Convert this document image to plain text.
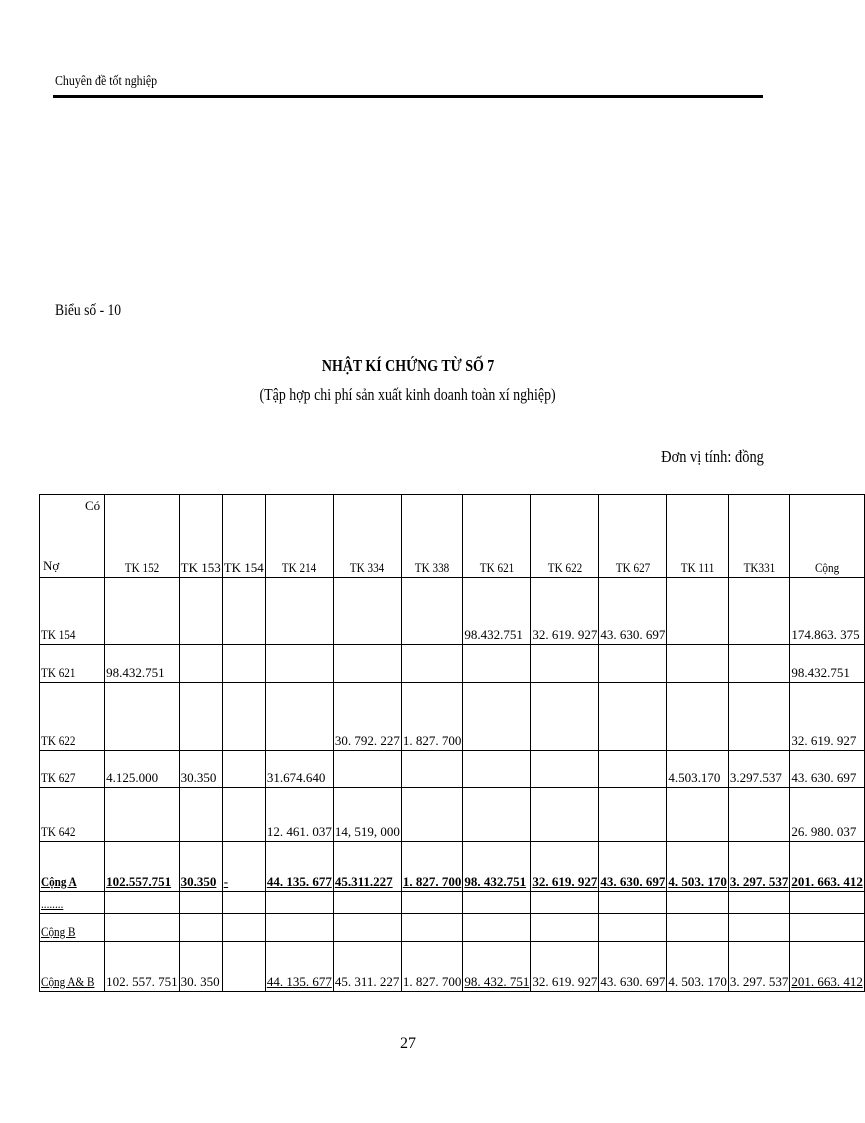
Chuyên đề tốt nghiệp
Biểu số - 10
NHẬT KÍ CHỨNG TỪ SỐ 7
(Tập hợp chi phí sản xuất kinh doanh toàn xí nghiệp)
Đơn vị tính: đồng
Có
Nợ	TK 152	TK 153	TK 154	TK 214	TK 334	TK 338	TK 621	TK 622	TK 627	TK 111	TK331	Cộng
TK 154							98.432.751	32. 619. 927	43. 630. 697			174.863. 375
TK 621	98.432.751											98.432.751
TK 622					30. 792. 227	1. 827. 700						32. 619. 927
TK 627	4.125.000	30.350		31.674.640						4.503.170	3.297.537	43. 630. 697
TK 642				12. 461. 037	14, 519, 000							26. 980. 037
Cộng A	102.557.751	30.350	-	44. 135. 677	45.311.227	1. 827. 700	98. 432.751	32. 619. 927	43. 630. 697	4. 503. 170	3. 297. 537	201. 663. 412
........												
Cộng B												
Cộng A& B	102. 557. 751	30. 350		44. 135. 677	45. 311. 227	1. 827. 700	98. 432. 751	32. 619. 927	43. 630. 697	4. 503. 170	3. 297. 537	201. 663. 412
27
